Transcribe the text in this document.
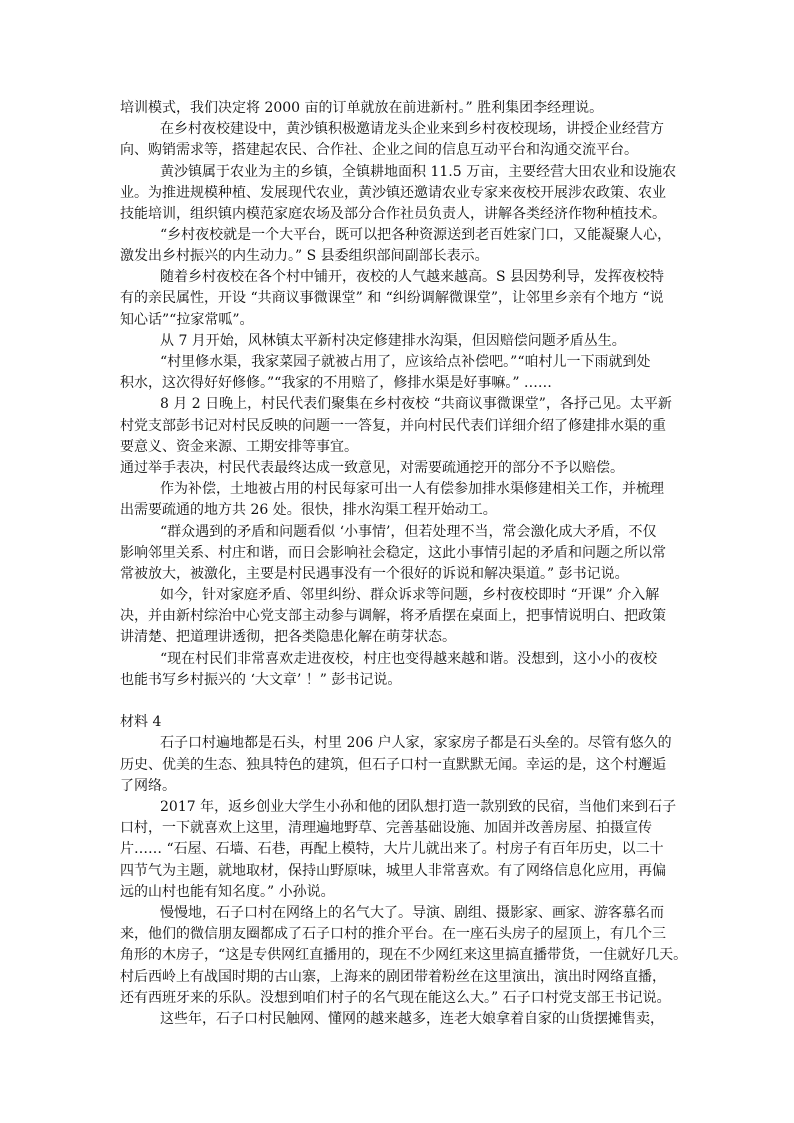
培训模式，我们决定将 2000 亩的订单就放在前进新村。” 胜利集团李经理说。

在乡村夜校建设中，黄沙镇积极邀请龙头企业来到乡村夜校现场，讲授企业经营方

向、购销需求等，搭建起农民、合作社、企业之间的信息互动平台和沟通交流平台。

黄沙镇属于农业为主的乡镇，全镇耕地面积 11.5 万亩，主要经营大田农业和设施农

业。为推进规模种植、发展现代农业，黄沙镇还邀请农业专家来夜校开展涉农政策、农业

技能培训，组织镇内模范家庭农场及部分合作社员负责人，讲解各类经济作物种植技术。

“乡村夜校就是一个大平台，既可以把各种资源送到老百姓家门口，又能凝聚人心，

激发出乡村振兴的内生动力。” S 县委组织部间副部长表示。

随着乡村夜校在各个村中铺开，夜校的人气越来越高。S 县因势利导，发挥夜校特

有的亲民属性，开设 “共商议事微课堂” 和 “纠纷调解微课堂”，让邻里乡亲有个地方 “说

知心话”“拉家常呱”。

从 7 月开始，风林镇太平新村决定修建排水沟渠，但因赔偿问题矛盾丛生。

“村里修水渠，我家菜园子就被占用了，应该给点补偿吧。”“咱村儿一下雨就到处

积水，这次得好好修修。”“我家的不用赔了，修排水渠是好事嘛。” ……

8 月 2 日晚上，村民代表们聚集在乡村夜校 “共商议事微课堂”，各抒己见。太平新

村党支部彭书记对村民反映的问题一一答复，并向村民代表们详细介绍了修建排水渠的重

要意义、资金来源、工期安排等事宜。

通过举手表决，村民代表最终达成一致意见，对需要疏通挖开的部分不予以赔偿。

作为补偿，土地被占用的村民每家可出一人有偿参加排水渠修建相关工作，并梳理

出需要疏通的地方共 26 处。很快，排水沟渠工程开始动工。

“群众遇到的矛盾和问题看似 ‘小事情’，但若处理不当，常会激化成大矛盾，不仅

影响邻里关系、村庄和谐，而日会影响社会稳定，这此小事情引起的矛盾和问题之所以常

常被放大，被激化，主要是村民遇事没有一个很好的诉说和解决渠道。” 彭书记说。

如今，针对家庭矛盾、邻里纠纷、群众诉求等问题，乡村夜校即时 “开课” 介入解

决，并由新村综治中心党支部主动参与调解，将矛盾摆在桌面上，把事情说明白、把政策

讲清楚、把道理讲透彻，把各类隐患化解在萌芽状态。

“现在村民们非常喜欢走进夜校，村庄也变得越来越和谐。没想到，这小小的夜校

也能书写乡村振兴的 ‘大文章’ ！” 彭书记说。

材料 4

石子口村遍地都是石头，村里 206 户人家，家家房子都是石头垒的。尽管有悠久的

历史、优美的生态、独具特色的建筑，但石子口村一直默默无闻。幸运的是，这个村邂逅

了网络。

2017 年，返乡创业大学生小孙和他的团队想打造一款别致的民宿，当他们来到石子

口村，一下就喜欢上这里，清理遍地野草、完善基础设施、加固并改善房屋、拍摄宣传

片…… “石屋、石墙、石巷，再配上模特，大片儿就出来了。村房子有百年历史，以二十

四节气为主题，就地取材，保持山野原味，城里人非常喜欢。有了网络信息化应用，再偏

远的山村也能有知名度。” 小孙说。

慢慢地，石子口村在网络上的名气大了。导演、剧组、摄影家、画家、游客慕名而

来，他们的微信朋友圈都成了石子口村的推介平台。在一座石头房子的屋顶上，有几个三

角形的木房子，“这是专供网红直播用的，现在不少网红来这里搞直播带货，一住就好几天。

村后西岭上有战国时期的古山寨，上海来的剧团带着粉丝在这里演出，演出时网络直播，

还有西班牙来的乐队。没想到咱们村子的名气现在能这么大。” 石子口村党支部王书记说。

这些年，石子口村民触网、懂网的越来越多，连老大娘拿着自家的山货摆摊售卖，
